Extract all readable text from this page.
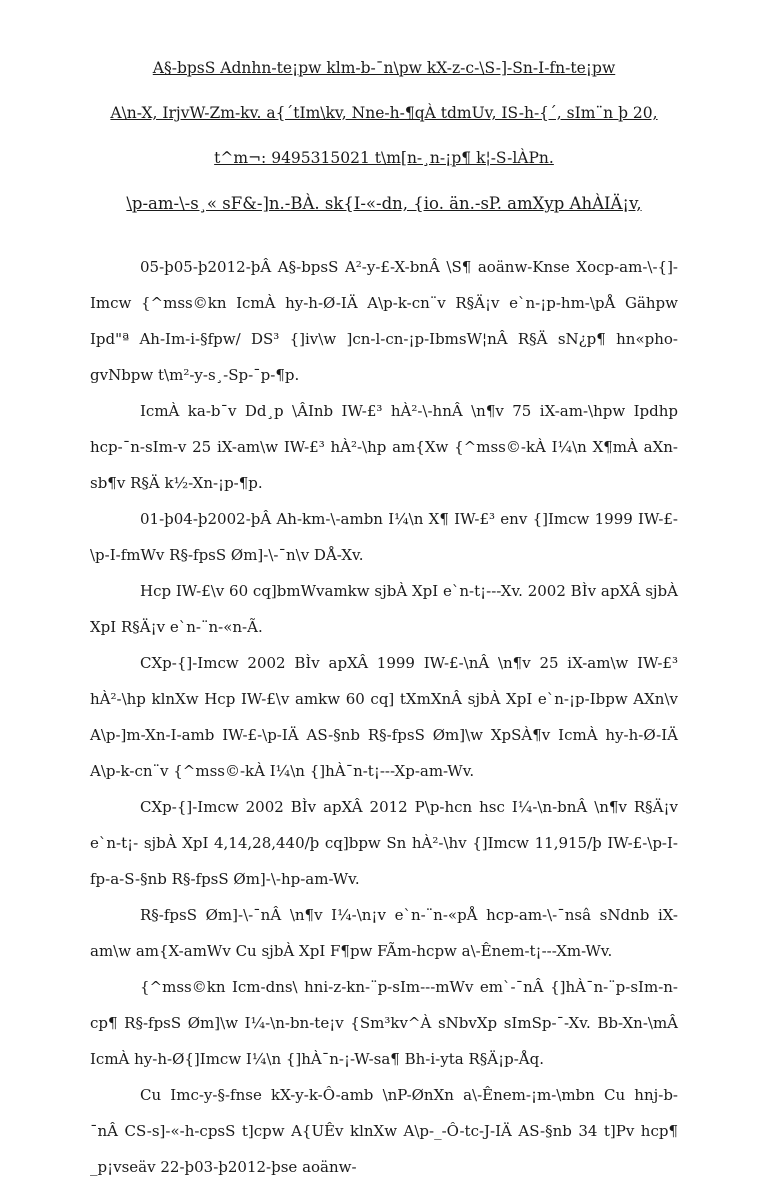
A§-bpsS Adnhn-te¡pw klm-b-¯n\pw kX-z-c-\S-]-Sn-I-fn-te¡pw
A\n-X, IrjvW-Zm-kv. a{´tIm\kv, Nne-h-¶qÀ tdmUv, IS-h-{´, sIm¨n þ 20,
t^m¬: 9495315021 t\m[n-¸n-¡p¶ k¦-S-lÀPn.
\p-am-\-s¸« sF&-]n.-BÀ. sk{I-«-dn, {io. än.-sP. amXyp AhÀIÄ¡v,

05-þ05-þ2012-þÂ A§-bpsS A²-y-£-X-bnÂ \S¶ aoänw-Knse Xocp-am-\-{]-Imcw {^mss©kn IcmÀ hy-h-Ø-IÄ A\p-k-cn¨v R§Ä¡v e`n-¡p-hm-\pÅ Gähpw Ipd"ª Ah-Im-i-§fpw/ DS³ {]iv\w ]cn-l-cn-¡p-IbmsW¦nÂ R§Ä sN¿p¶ hn«pho-gvNbpw t\m²-y-s¸-Sp-¯p-¶p.

IcmÀ ka-b¯v Dd¸p \ÂInb IW-£³ hÀ²-\-hnÂ \n¶v 75 iX-am-\hpw Ipdhp hcp-¯n-sIm-v 25 iX-am\w IW-£³ hÀ²-\hp am{Xw {^mss©-kÀ I¼\n X¶mÀ aXn-sb¶v R§Ä k½-Xn-¡p-¶p.

01-þ04-þ2002-þÂ Ah-km-\-ambn I¼\n X¶ IW-£³ env {]Imcw 1999 IW-£-\p-I-fmWv R§-fpsS Øm]-\-¯n\v DÅ-Xv.

Hcp IW-£\v 60 cq]bmWvamkw sjbÀ XpI e`n-t¡---Xv. 2002 BÌv apXÂ sjbÀ XpI R§Ä¡v e`n-¨n-«n-Ã.

CXp-{]-Imcw 2002 BÌv apXÂ 1999 IW-£-\nÂ \n¶v 25 iX-am\w IW-£³ hÀ²-\hp klnXw Hcp IW-£\v amkw 60 cq] tXmXnÂ sjbÀ XpI e`n-¡p-Ibpw AXn\v A\p-]m-Xn-I-amb IW-£-\p-IÄ AS-§nb R§-fpsS Øm]\w XpSÀ¶v IcmÀ hy-h-Ø-IÄ A\p-k-cn¨v {^mss©-kÀ I¼\n {]hÀ¯n-t¡---Xp-am-Wv.

CXp-{]-Imcw 2002 BÌv apXÂ 2012 P\p-hcn hsc I¼-\n-bnÂ \n¶v R§Ä¡v e`n-t¡- sjbÀ XpI 4,14,28,440/þ cq]bpw Sn hÀ²-\hv {]Imcw 11,915/þ IW-£-\p-I-fp-a-S-§nb R§-fpsS Øm]-\-hp-am-Wv.

R§-fpsS Øm]-\-¯nÂ \n¶v I¼-\n¡v e`n-¨n-«pÅ hcp-am-\-¯nsâ sNdnb iX-am\w am{X-amWv Cu sjbÀ XpI F¶pw FÃm-hcpw a\-Ênem-t¡---Xm-Wv.

{^mss©kn Icm-dns\ hni-z-kn-¨p-sIm---mWv em`-¯nÂ {]hÀ¯n-¨p-sIm-n-cp¶ R§-fpsS Øm]\w I¼-\n-bn-te¡v {Sm³kv^À sNbvXp sImSp-¯-Xv. Bb-Xn-\mÂ IcmÀ hy-h-Ø{]Imcw I¼\n {]hÀ¯n-¡-W-sa¶ Bh-i-yta R§Ä¡p-Åq.

Cu Imc-y-§-fnse kX-y-k-Ô-amb \nP-ØnXn a\-Ênem-¡m-\mbn Cu hnj-b-¯nÂ CS-s]-«-h-cpsS t]cpw A{UÊv klnXw A\p-_-Ô-tc-J-IÄ AS-§nb 34 t]Pv hcp¶ _p¡vseäv 22-þ03-þ2012-þse aoänw-
